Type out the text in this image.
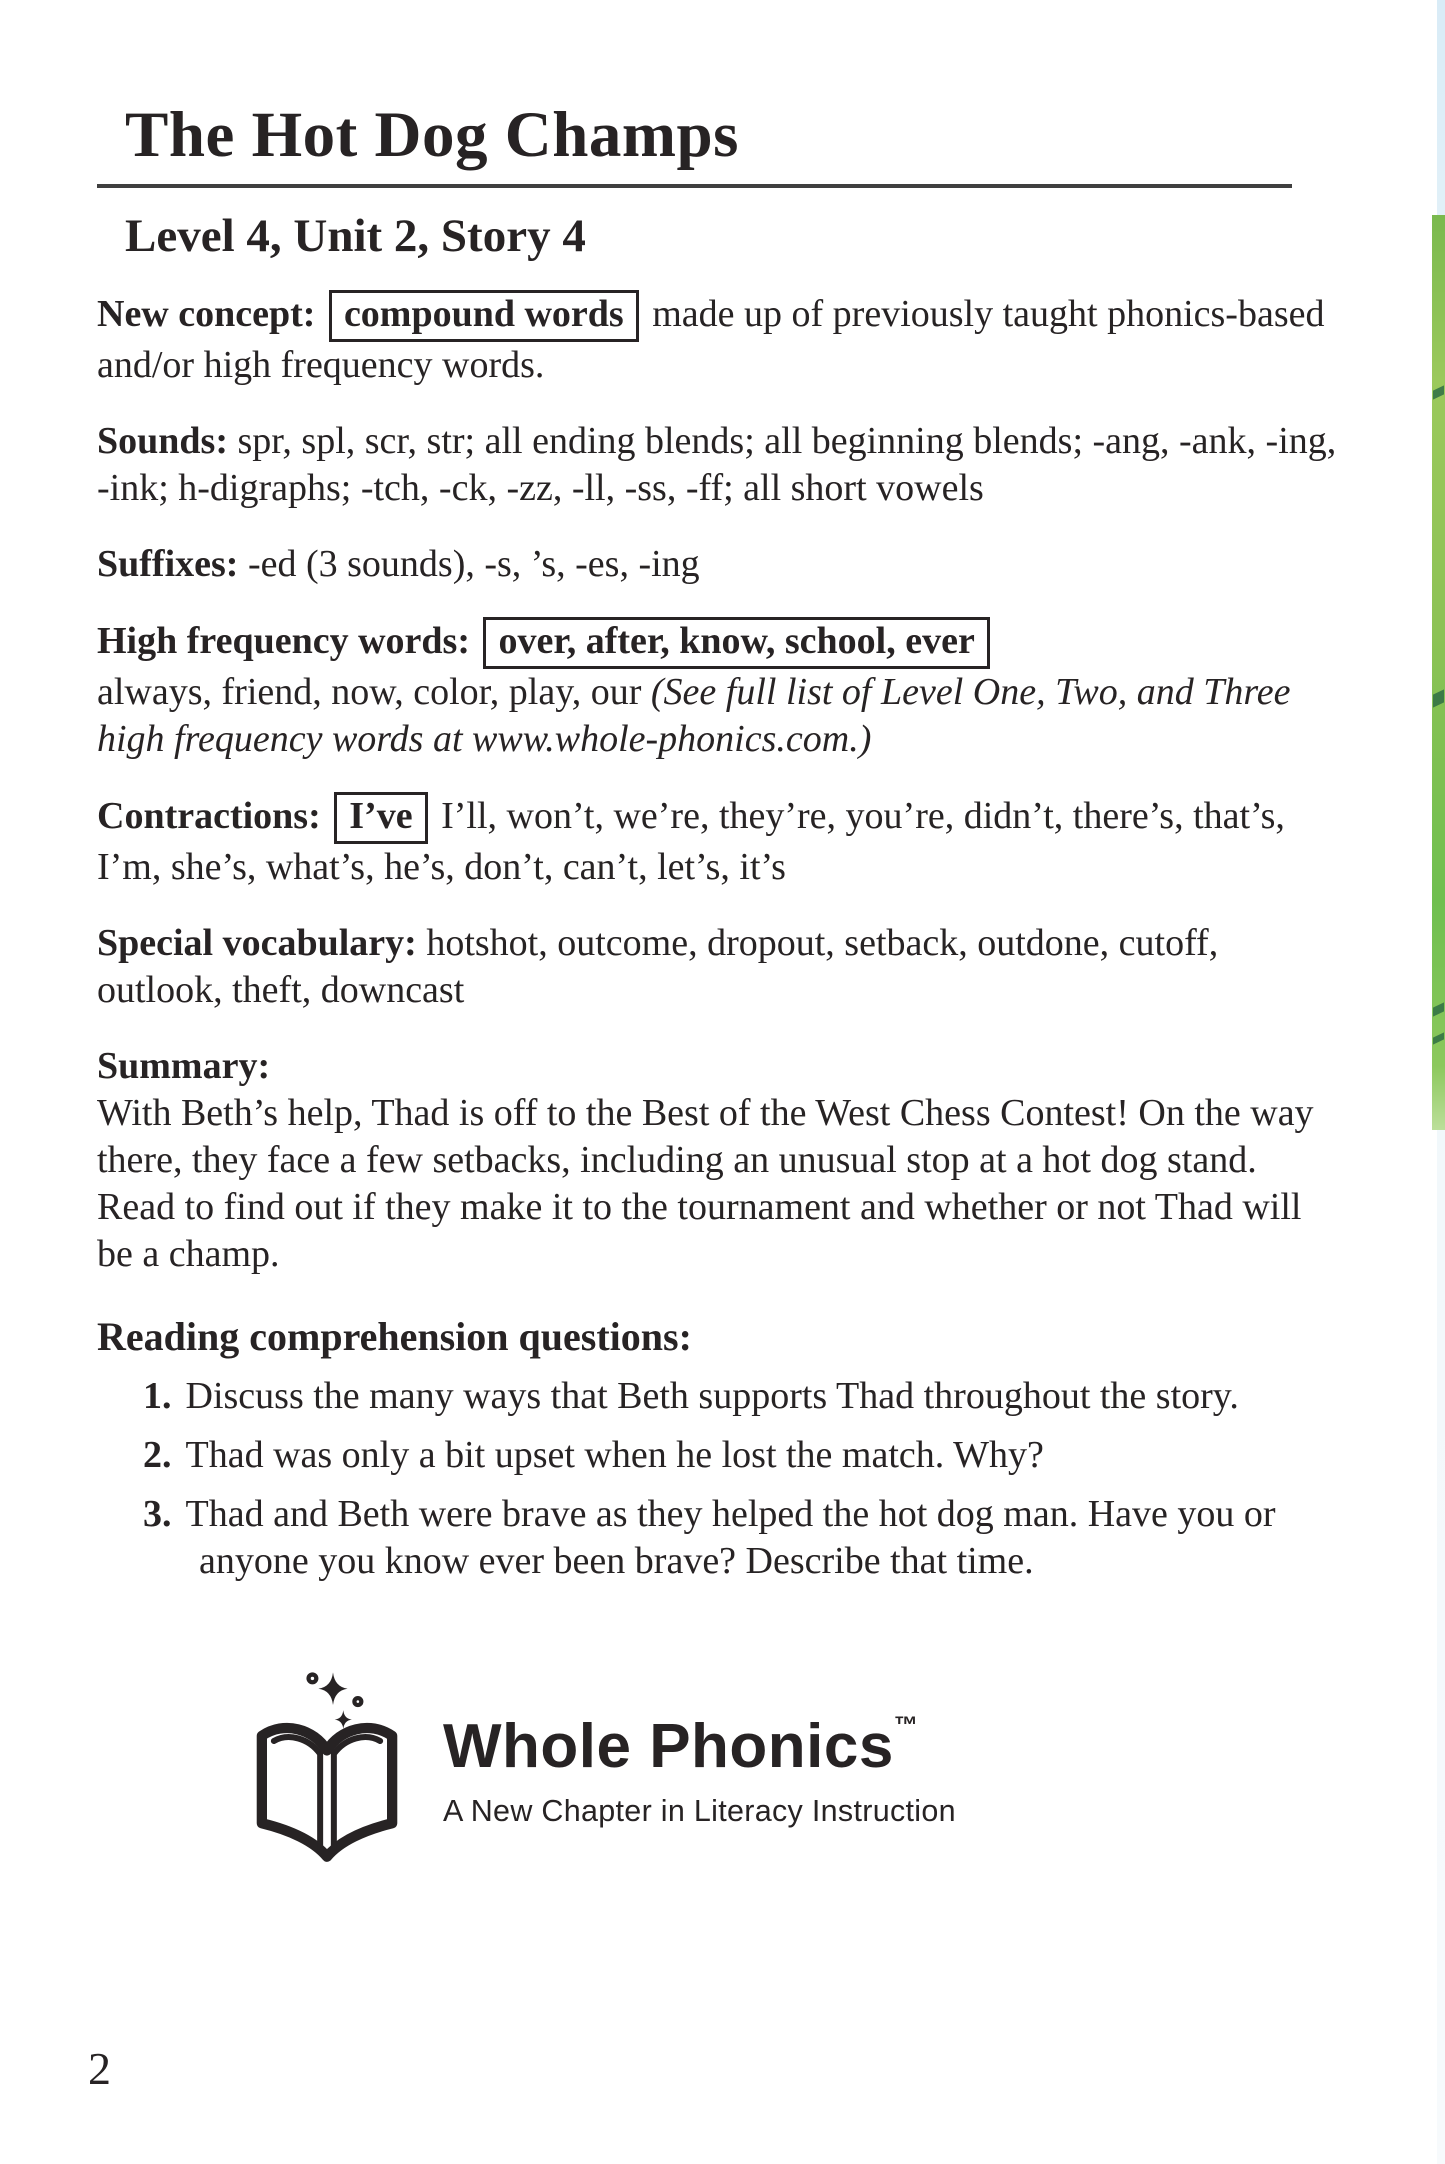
The Hot Dog Champs
Level 4, Unit 2, Story 4

New concept: compound words made up of previously taught phonics-based and/or high frequency words.

Sounds: spr, spl, scr, str; all ending blends; all beginning blends; -ang, -ank, -ing, -ink; h-digraphs; -tch, -ck, -zz, -ll, -ss, -ff; all short vowels

Suffixes: -ed (3 sounds), -s, ’s, -es, -ing

High frequency words: over, after, know, school, ever
always, friend, now, color, play, our (See full list of Level One, Two, and Three high frequency words at www.whole-phonics.com.)

Contractions: I’ve I’ll, won’t, we’re, they’re, you’re, didn’t, there’s, that’s, I’m, she’s, what’s, he’s, don’t, can’t, let’s, it’s

Special vocabulary: hotshot, outcome, dropout, setback, outdone, cutoff, outlook, theft, downcast

Summary:
With Beth’s help, Thad is off to the Best of the West Chess Contest! On the way there, they face a few setbacks, including an unusual stop at a hot dog stand. Read to find out if they make it to the tournament and whether or not Thad will be a champ.

Reading comprehension questions:
1. Discuss the many ways that Beth supports Thad throughout the story.
2. Thad was only a bit upset when he lost the match. Why?
3. Thad and Beth were brave as they helped the hot dog man. Have you or anyone you know ever been brave? Describe that time.
Whole Phonics™
A New Chapter in Literacy Instruction
2
